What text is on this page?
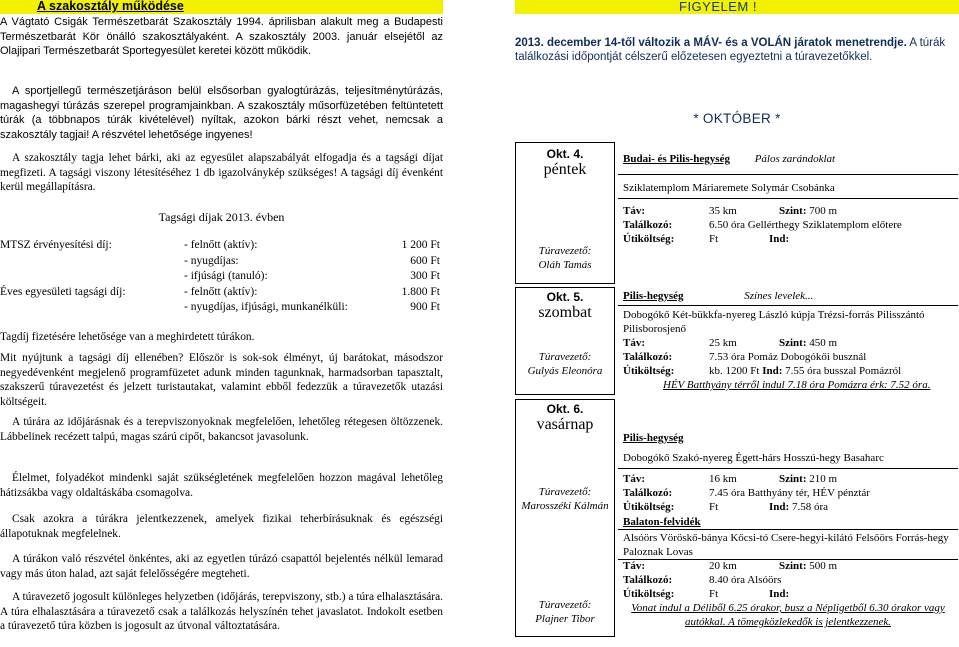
A szakosztály működése
A Vágtató Csigák Természetbarát Szakosztály 1994. áprilisban alakult meg a Budapesti Természetbarát Kör önálló szakosztályaként. A szakosztály 2003. január elsejétől az Olajipari Természetbarát Sportegyesület keretei között működik.
A sportjellegű természetjáráson belül elsősorban gyalogtúrázás, teljesítménytúrázás, magashegyi túrázás szerepel programjainkban. A szakosztály műsorfüzetében feltüntetett túrák (a többnapos túrák kivételével) nyíltak, azokon bárki részt vehet, nemcsak a szakosztály tagjai! A részvétel lehetősége ingyenes!
A szakosztály tagja lehet bárki, aki az egyesület alapszabályát elfogadja és a tagsági díjat megfizeti. A tagsági viszony létesítéséhez 1 db igazolványkép szükséges! A tagsági díj évenként kerül megállapításra.
Tagsági díjak 2013. évben
MTSZ érvényesítési díj:	- felnőtt (aktív):	1 200 Ft
- nyugdíjas:	600 Ft
- ifjúsági (tanuló):	300 Ft
Éves egyesületi tagsági díj:	- felnőtt (aktív):	1.800 Ft
- nyugdíjas, ifjúsági, munkanélküli:	900 Ft
Tagdíj fizetésére lehetősége van a meghirdetett túrákon.
Mit nyújtunk a tagsági díj ellenében? Először is sok-sok élményt, új barátokat, másodszor negyedévenként megjelenő programfüzetet adunk minden tagunknak, harmadsorban tapasztalt, szakszerű túravezetést és jelzett turistautakat, valamint ebből fedezzük a túravezetők utazási költségeit.
A túrára az időjárásnak és a terepviszonyoknak megfelelően, lehetőleg rétegesen öltözzenek. Lábbelinek recézett talpú, magas szárú cipőt, bakancsot javasolunk.
Élelmet, folyadékot mindenki saját szükségletének megfelelően hozzon magával lehetőleg hátizsákba vagy oldaltáskába csomagolva.
Csak azokra a túrákra jelentkezzenek, amelyek fizikai teherbírásuknak és egészségi állapotuknak megfelelnek.
A túrákon való részvétel önkéntes, aki az egyetlen túrázó csapattól bejelentés nélkül lemarad vagy más úton halad, azt saját felelősségére megteheti.
A túravezető jogosult különleges helyzetben (időjárás, terepviszony, stb.) a túra elhalasztására. A túra elhalasztására a túravezető csak a találkozás helyszínén tehet javaslatot. Indokolt esetben a túravezető túra közben is jogosult az útvonal változtatására.
FIGYELEM !
2013. december 14-től változik a MÁV- és a VOLÁN járatok menetrendje. A túrák találkozási időpontját célszerű előzetesen egyeztetni a túravezetőkkel.
* OKTÓBER *
Okt. 4.
péntek
Túravezető:
Oláh Tamás
Budai- és Pilis-hegység Pálos zarándoklat
Sziklatemplom Máriaremete Solymár Csobánka
Táv:	35 km	Szint: 700 m
Találkozó:	6.50 óra Gellérthegy Sziklatemplom előtere
Útiköltség:	Ft	Ind:
Okt. 5.
szombat
Túravezető:
Gulyás Eleonóra
Pilis-hegység	Színes levelek...
Dobogókő Két-bükkfa-nyereg László kúpja Trézsi-forrás Pilisszántó Pilisborosjenő
Táv:	25 km	Szint: 450 m
Találkozó:	7.53 óra Pomáz Dobogókői busznál
Útiköltség:	kb. 1200 Ft Ind: 7.55 óra busszal Pomázról
HÉV Batthyány térről indul 7.18 óra Pomázra érk: 7.52 óra.
Okt. 6.
vasárnap
Túravezető:
Marosszéki Kálmán
Túravezető:
Plajner Tibor
Pilis-hegység
Dobogókő Szakó-nyereg Égett-hárs Hosszú-hegy Basaharc
Táv:	16 km	Szint: 210 m
Találkozó:	7.45 óra Batthyány tér, HÉV pénztár
Útiköltség:	Ft	Ind: 7.58 óra
Balaton-felvidék
Alsóörs Vöröskő-bánya Kőcsi-tó Csere-hegyi-kilátó Felsőörs Forrás-hegy Paloznak Lovas
Táv:	20 km	Szint: 500 m
Találkozó:	8.40 óra Alsóörs
Útiköltség:	Ft	Ind:
Vonat indul a Déliből 6.25 órakor, busz a Népligetből 6.30 órakor vagy autókkal. A tömegközlekedők is jelentkezzenek.
